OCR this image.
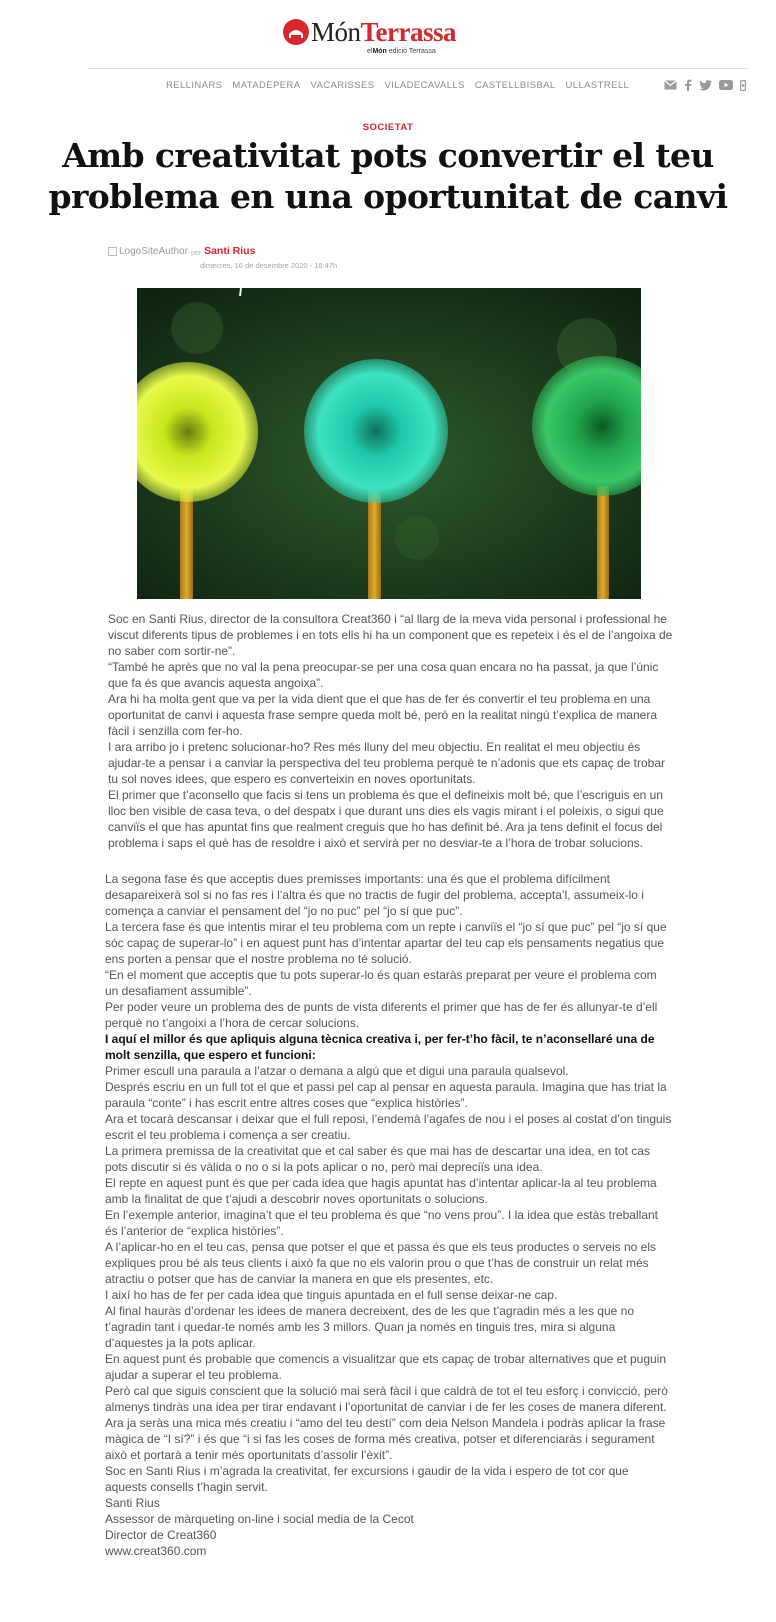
MónTerrassa
elMón edició Terrassa
RELLINARS MATADEPERA VACARISSES VILADECAVALLS CASTELLBISBAL ULLASTRELL
SOCIETAT
Amb creativitat pots convertir el teu problema en una oportunitat de canvi
LogoSiteAuthor per Santi Rius
dimecres, 16 de desembre 2020 - 18:47h

Soc en Santi Rius, director de la consultora Creat360 i “al llarg de la meva vida personal i professional he viscut diferents tipus de problemes i en tots ells hi ha un component que es repeteix i és el de l’angoixa de no saber com sortir-ne”.

“També he après que no val la pena preocupar-se per una cosa quan encara no ha passat, ja que l’únic que fa és que avancis aquesta angoixa”.

Ara hi ha molta gent que va per la vida dient que el que has de fer és convertir el teu problema en una oportunitat de canvi i aquesta frase sempre queda molt bé, però en la realitat ningú t’explica de manera fàcil i senzilla com fer-ho.

I ara arribo jo i pretenc solucionar-ho? Res més lluny del meu objectiu. En realitat el meu objectiu és ajudar-te a pensar i a canviar la perspectiva del teu problema perquè te n’adonis que ets capaç de trobar tu sol noves idees, que espero es converteixin en noves oportunitats.

El primer que t’aconsello que facis si tens un problema és que el defineixis molt bé, que l’escriguis en un lloc ben visible de casa teva, o del despatx i que durant uns dies els vagis mirant i el poleixis, o sigui que canviïs el que has apuntat fins que realment creguis que ho has definit bé. Ara ja tens definit el focus del problema i saps el què has de resoldre i això et servirà per no desviar-te a l’hora de trobar solucions.

La segona fase és que acceptis dues premisses importants: una és que el problema difícilment desapareixerà sol si no fas res i l’altra és que no tractis de fugir del problema, accepta’l, assumeix-lo i comença a canviar el pensament del “jo no puc” pel “jo sí que puc”.

La tercera fase és que intentis mirar el teu problema com un repte i canviïs el “jo sí que puc” pel “jo sí que sóc capaç de superar-lo” i en aquest punt has d’intentar apartar del teu cap els pensaments negatius que ens porten a pensar que el nostre problema no té solució.

“En el moment que acceptis que tu pots superar-lo és quan estaràs preparat per veure el problema com un desafiament assumible”.

Per poder veure un problema des de punts de vista diferents el primer que has de fer és allunyar-te d’ell perquè no t’angoixi a l’hora de cercar solucions.

I aquí el millor és que apliquis alguna tècnica creativa i, per fer-t’ho fàcil, te n’aconsellaré una de molt senzilla, que espero et funcioni:

Primer escull una paraula a l’atzar o demana a algú que et digui una paraula qualsevol.

Després escriu en un full tot el que et passi pel cap al pensar en aquesta paraula. Imagina que has triat la paraula “conte” i has escrit entre altres coses que “explica històries”.

Ara et tocarà descansar i deixar que el full reposi, l’endemà l’agafes de nou i el poses al costat d’on tinguis escrit el teu problema i comença a ser creatiu.

La primera premissa de la creativitat que et cal saber és que mai has de descartar una idea, en tot cas pots discutir si és vàlida o no o si la pots aplicar o no, però mai depreciïs una idea.

El repte en aquest punt és que per cada idea que hagis apuntat has d’intentar aplicar-la al teu problema amb la finalitat de que t’ajudi a descobrir noves oportunitats o solucions.

En l’exemple anterior, imagina’t que el teu problema és que “no vens prou”. I la idea que estàs treballant és l’anterior de “explica històries”.

A l’aplicar-ho en el teu cas, pensa que potser el que et passa és que els teus productes o serveis no els expliques prou bé als teus clients i això fa que no els valorin prou o que t’has de construir un relat més atractiu o potser que has de canviar la manera en que els presentes, etc.

I així ho has de fer per cada idea que tinguis apuntada en el full sense deixar-ne cap.

Al final hauràs d’ordenar les idees de manera decreixent, des de les que t’agradin més a les que no t’agradin tant i quedar-te només amb les 3 millors. Quan ja només en tinguis tres, mira si alguna d’aquestes ja la pots aplicar.

En aquest punt és probable que comencis a visualitzar que ets capaç de trobar alternatives que et puguin ajudar a superar el teu problema.

Però cal que siguis conscient que la solució mai serà fàcil i que caldrà de tot el teu esforç i convicció, però almenys tindràs una idea per tirar endavant i l’oportunitat de canviar i de fer les coses de manera diferent.

Ara ja seràs una mica més creatiu i “amo del teu destí” com deia Nelson Mandela i podràs aplicar la frase màgica de “I sí?” i és que “i si fas les coses de forma més creativa, potser et diferenciaràs i segurament això et portarà a tenir més oportunitats d’assolir l’èxit”.

Soc en Santi Rius i m’agrada la creativitat, fer excursions i gaudir de la vida i espero de tot cor que aquests consells t’hagin servit.

Santi Rius

Assessor de màrqueting on-line i social media de la Cecot

Director de Creat360

www.creat360.com
